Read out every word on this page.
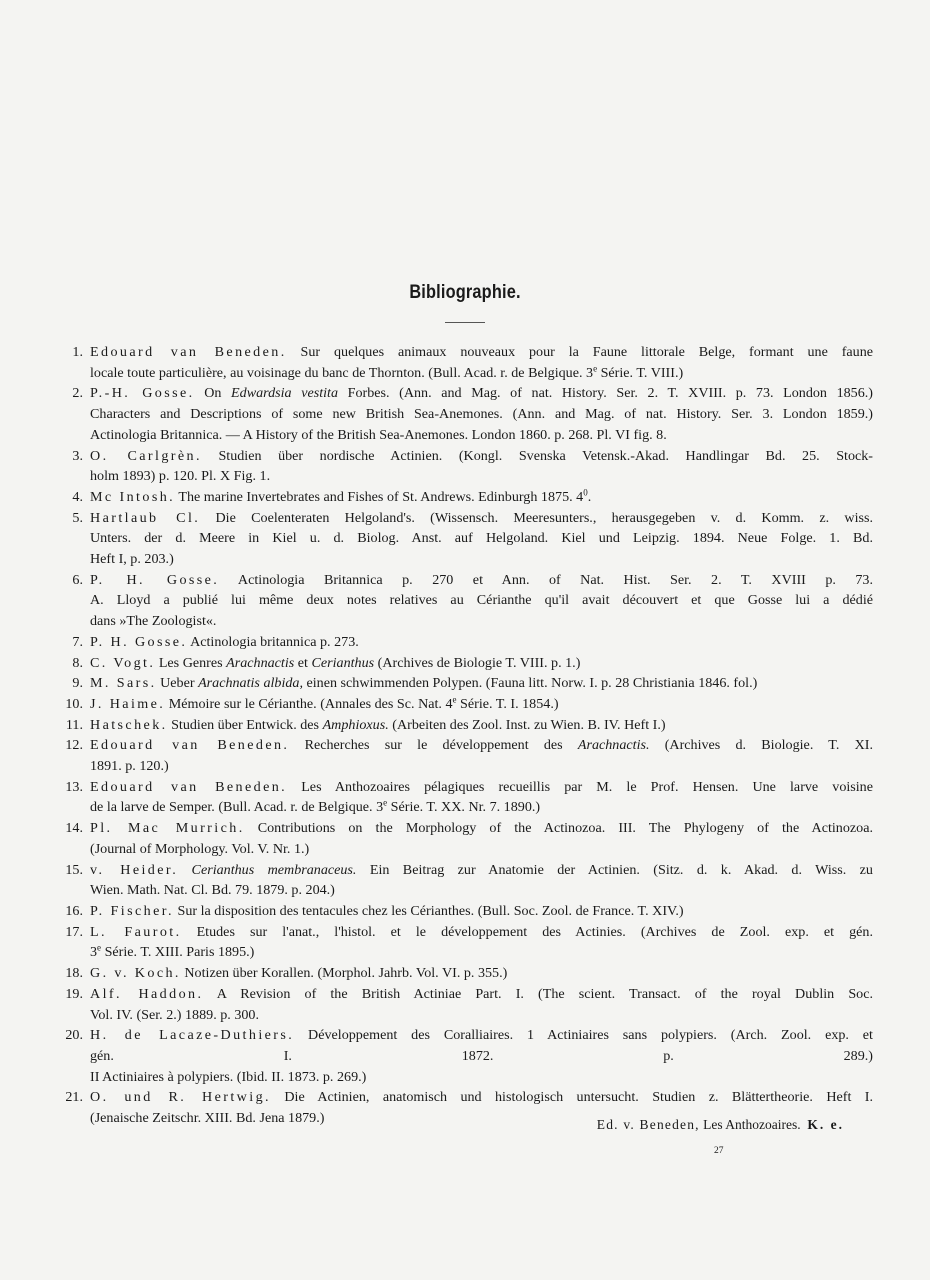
Bibliographie.
1. Edouard van Beneden. Sur quelques animaux nouveaux pour la Faune littorale Belge, formant une faune
locale toute particulière, au voisinage du banc de Thornton. (Bull. Acad. r. de Belgique. 3e Série. T. VIII.)
2. P.-H. Gosse. On Edwardsia vestita Forbes. (Ann. and Mag. of nat. History. Ser. 2. T. XVIII. p. 73. London 1856.)
Characters and Descriptions of some new British Sea-Anemones. (Ann. and Mag. of nat. History. Ser. 3. London 1859.)
Actinologia Britannica. — A History of the British Sea-Anemones. London 1860. p. 268. Pl. VI fig. 8.
3. O. Carlgrèn. Studien über nordische Actinien. (Kongl. Svenska Vetensk.-Akad. Handlingar Bd. 25. Stock-
holm 1893) p. 120. Pl. X Fig. 1.
4. Mc Intosh. The marine Invertebrates and Fishes of St. Andrews. Edinburgh 1875. $4^0$.
5. Hartlaub Cl. Die Coelenteraten Helgoland's. (Wissensch. Meeresunters., herausgegeben v. d. Komm. z. wiss.
Unters. der d. Meere in Kiel u. d. Biolog. Anst. auf Helgoland. Kiel und Leipzig. 1894. Neue Folge. 1. Bd.
Heft I, p. 203.)
6. P. H. Gosse. Actinologia Britannica p. 270 et Ann. of Nat. Hist. Ser. 2. T. XVIII p. 73.
A. Lloyd a publié lui même deux notes relatives au Cérianthe qu'il avait découvert et que Gosse lui a dédié
dans »The Zoologist«.
7. P. H. Gosse. Actinologia britannica p. 273.
8. C. Vogt. Les Genres Arachnactis et Cerianthus (Archives de Biologie T. VIII. p. 1.)
9. M. Sars. Ueber Arachnatis albida, einen schwimmenden Polypen. (Fauna litt. Norw. I. p. 28 Christiania 1846. fol.)
10. J. Haime. Mémoire sur le Cérianthe. (Annales des Sc. Nat. 4e Série. T. I. 1854.)
11. Hatschek. Studien über Entwick. des Amphioxus. (Arbeiten des Zool. Inst. zu Wien. B. IV. Heft I.)
12. Edouard van Beneden. Recherches sur le développement des Arachnactis. (Archives d. Biologie. T. XI.
1891. p. 120.)
13. Edouard van Beneden. Les Anthozoaires pélagiques recueillis par M. le Prof. Hensen. Une larve voisine
de la larve de Semper. (Bull. Acad. r. de Belgique. 3e Série. T. XX. Nr. 7. 1890.)
14. Pl. Mac Murrich. Contributions on the Morphology of the Actinozoa. III. The Phylogeny of the Actinozoa.
(Journal of Morphology. Vol. V. Nr. 1.)
15. v. Heider. Cerianthus membranaceus. Ein Beitrag zur Anatomie der Actinien. (Sitz. d. k. Akad. d. Wiss. zu
Wien. Math. Nat. Cl. Bd. 79. 1879. p. 204.)
16. P. Fischer. Sur la disposition des tentacules chez les Cérianthes. (Bull. Soc. Zool. de France. T. XIV.)
17. L. Faurot. Etudes sur l'anat., l'histol. et le développement des Actinies. (Archives de Zool. exp. et gén.
3e Série. T. XIII. Paris 1895.)
18. G. v. Koch. Notizen über Korallen. (Morphol. Jahrb. Vol. VI. p. 355.)
19. Alf. Haddon. A Revision of the British Actiniae Part. I. (The scient. Transact. of the royal Dublin Soc.
Vol. IV. (Ser. 2.) 1889. p. 300.
20. H. de Lacaze-Duthiers. Développement des Coralliaires. 1 Actiniaires sans polypiers. (Arch. Zool. exp. et
gén. I. 1872. p. 289.)
II Actiniaires à polypiers. (Ibid. II. 1873. p. 269.)
21. O. und R. Hertwig. Die Actinien, anatomisch und histologisch untersucht. Studien z. Blättertheorie. Heft I.
(Jenaische Zeitschr. XIII. Bd. Jena 1879.)	Ed. v. Beneden, Les Anthozoaires. K. e.
27
